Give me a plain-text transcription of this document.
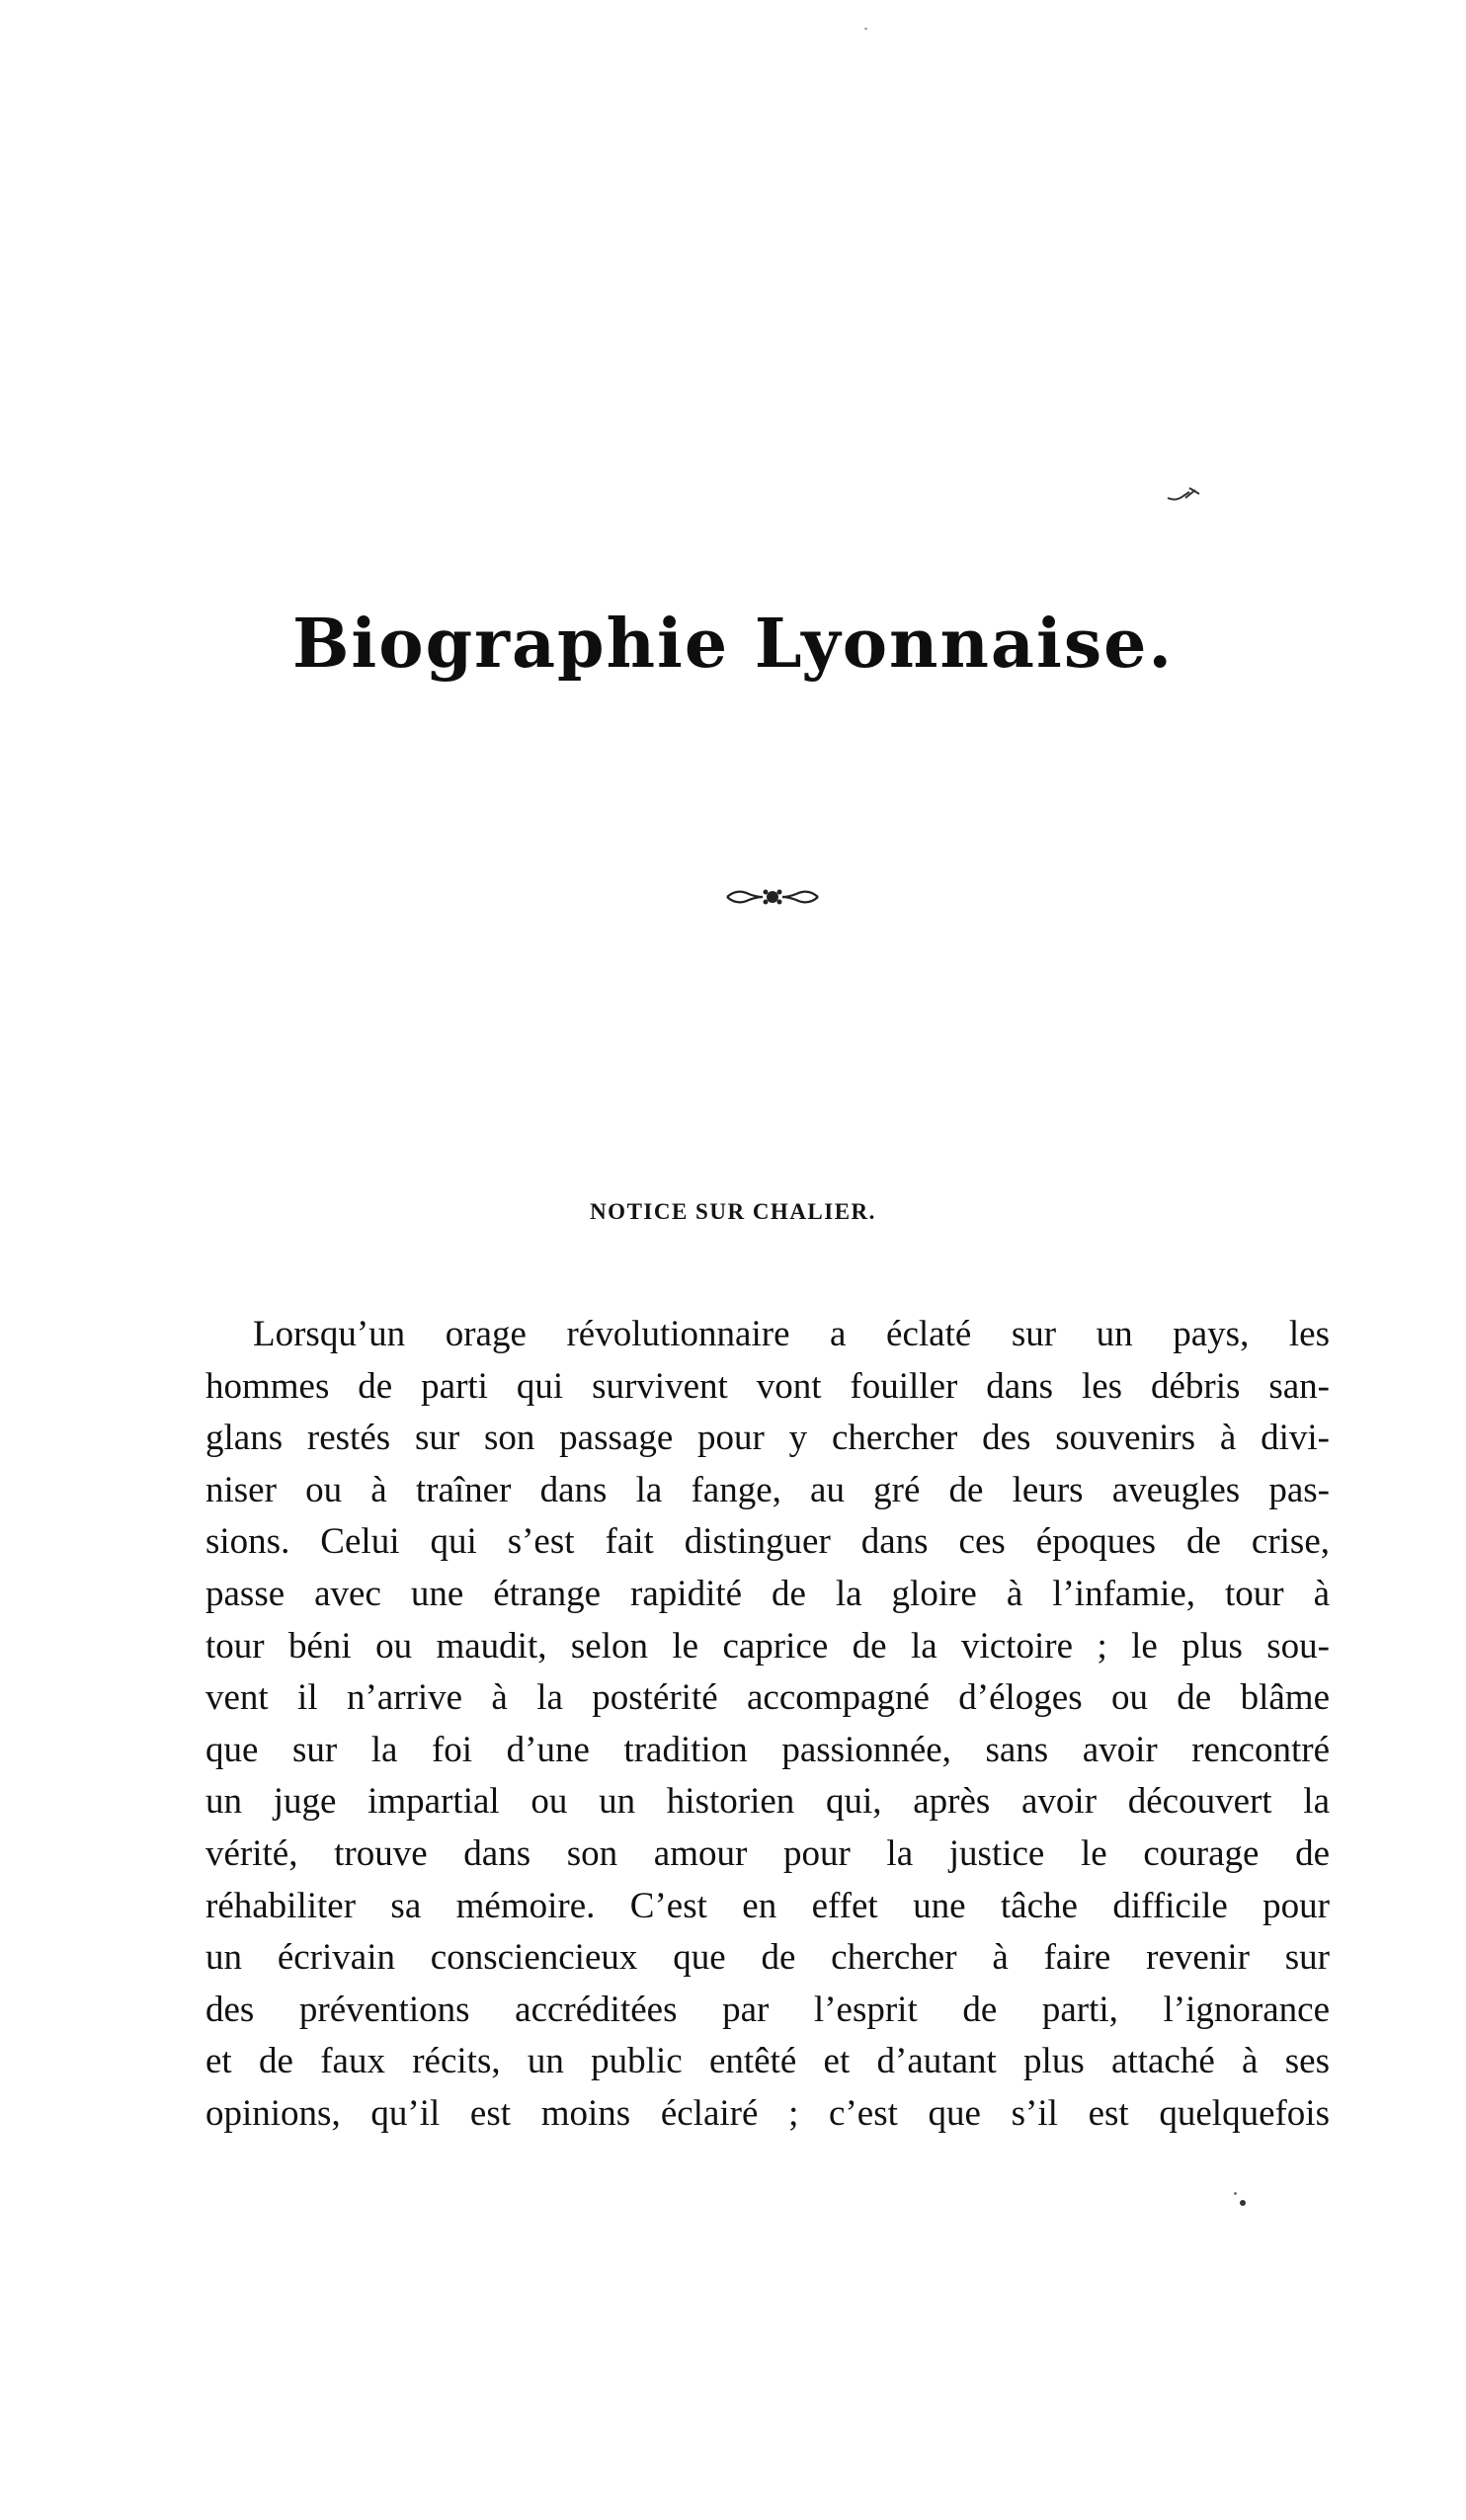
Biographie Lyonnaise.
NOTICE SUR CHALIER.
Lorsqu’un orage révolutionnaire a éclaté sur un pays, les
hommes de parti qui survivent vont fouiller dans les débris san-
glans restés sur son passage pour y chercher des souvenirs à divi-
niser ou à traîner dans la fange, au gré de leurs aveugles pas-
sions. Celui qui s’est fait distinguer dans ces époques de crise,
passe avec une étrange rapidité de la gloire à l’infamie, tour à
tour béni ou maudit, selon le caprice de la victoire ; le plus sou-
vent il n’arrive à la postérité accompagné d’éloges ou de blâme
que sur la foi d’une tradition passionnée, sans avoir rencontré
un juge impartial ou un historien qui, après avoir découvert la
vérité, trouve dans son amour pour la justice le courage de
réhabiliter sa mémoire. C’est en effet une tâche difficile pour
un écrivain consciencieux que de chercher à faire revenir sur
des préventions accréditées par l’esprit de parti, l’ignorance
et de faux récits, un public entêté et d’autant plus attaché à ses
opinions, qu’il est moins éclairé ; c’est que s’il est quelquefois
